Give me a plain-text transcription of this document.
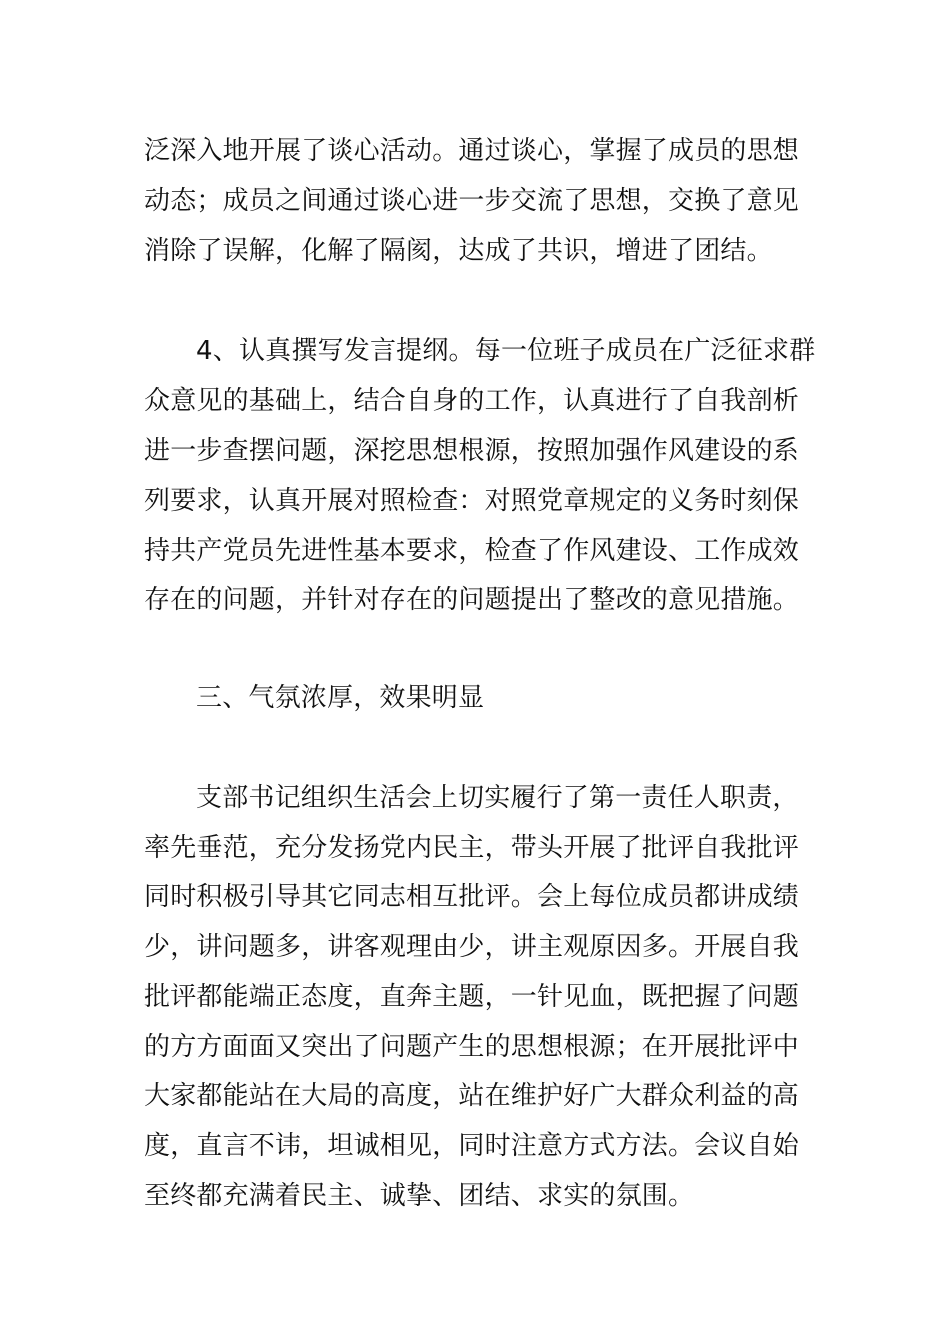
泛深入地开展了谈心活动。通过谈心，掌握了成员的思想
动态；成员之间通过谈心进一步交流了思想，交换了意见
消除了误解，化解了隔阂，达成了共识，增进了团结。
4、认真撰写发言提纲。每一位班子成员在广泛征求群
众意见的基础上，结合自身的工作，认真进行了自我剖析
进一步查摆问题，深挖思想根源，按照加强作风建设的系
列要求，认真开展对照检查：对照党章规定的义务时刻保
持共产党员先进性基本要求，检查了作风建设、工作成效
存在的问题，并针对存在的问题提出了整改的意见措施。
三、气氛浓厚，效果明显
支部书记组织生活会上切实履行了第一责任人职责，
率先垂范，充分发扬党内民主，带头开展了批评自我批评
同时积极引导其它同志相互批评。会上每位成员都讲成绩
少，讲问题多，讲客观理由少，讲主观原因多。开展自我
批评都能端正态度，直奔主题，一针见血，既把握了问题
的方方面面又突出了问题产生的思想根源；在开展批评中
大家都能站在大局的高度，站在维护好广大群众利益的高
度，直言不讳，坦诚相见，同时注意方式方法。会议自始
至终都充满着民主、诚挚、团结、求实的氛围。
